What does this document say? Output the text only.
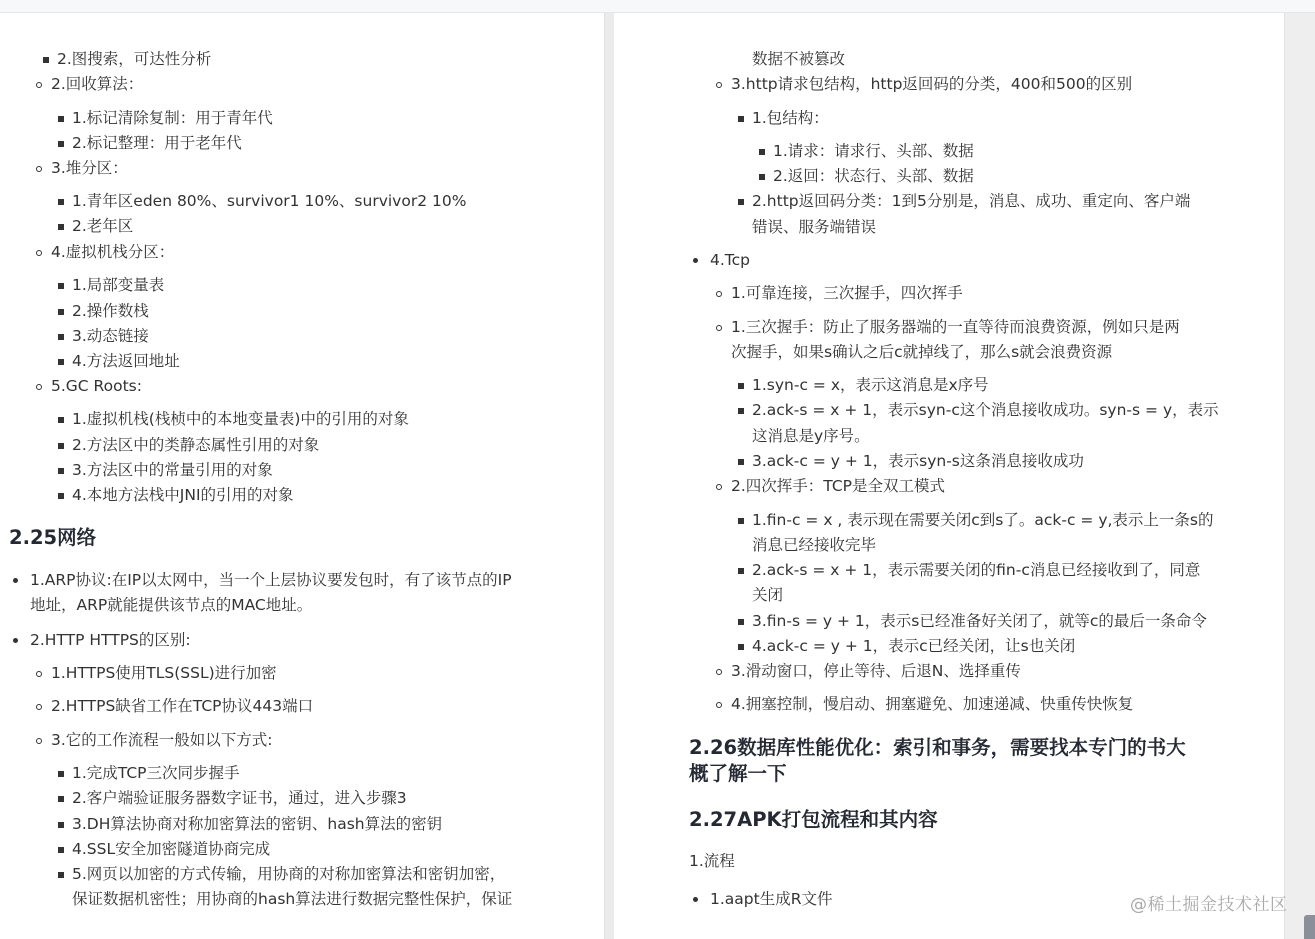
2.图搜索，可达性分析
2.回收算法：
1.标记清除复制：用于青年代
2.标记整理：用于老年代
3.堆分区：
1.青年区eden 80%、survivor1 10%、survivor2 10%
2.老年区
4.虚拟机栈分区：
1.局部变量表
2.操作数栈
3.动态链接
4.方法返回地址
5.GC Roots:
1.虚拟机栈(栈桢中的本地变量表)中的引用的对象
2.方法区中的类静态属性引用的对象
3.方法区中的常量引用的对象
4.本地方法栈中JNI的引用的对象
2.25网络
1.ARP协议:在IP以太网中，当一个上层协议要发包时，有了该节点的IP
地址，ARP就能提供该节点的MAC地址。
2.HTTP HTTPS的区别:
1.HTTPS使用TLS(SSL)进行加密
2.HTTPS缺省工作在TCP协议443端口
3.它的工作流程一般如以下方式:
1.完成TCP三次同步握手
2.客户端验证服务器数字证书，通过，进入步骤3
3.DH算法协商对称加密算法的密钥、hash算法的密钥
4.SSL安全加密隧道协商完成
5.网页以加密的方式传输，用协商的对称加密算法和密钥加密，
保证数据机密性；用协商的hash算法进行数据完整性保护，保证
数据不被篡改
3.http请求包结构，http返回码的分类，400和500的区别
1.包结构：
1.请求：请求行、头部、数据
2.返回：状态行、头部、数据
2.http返回码分类：1到5分别是，消息、成功、重定向、客户端
错误、服务端错误
4.Tcp
1.可靠连接，三次握手，四次挥手
1.三次握手：防止了服务器端的一直等待而浪费资源，例如只是两
次握手，如果s确认之后c就掉线了，那么s就会浪费资源
1.syn-c = x，表示这消息是x序号
2.ack-s = x + 1，表示syn-c这个消息接收成功。syn-s = y，表示
这消息是y序号。
3.ack-c = y + 1，表示syn-s这条消息接收成功
2.四次挥手：TCP是全双工模式
1.fin-c = x , 表示现在需要关闭c到s了。ack-c = y,表示上一条s的
消息已经接收完毕
2.ack-s = x + 1，表示需要关闭的fin-c消息已经接收到了，同意
关闭
3.fin-s = y + 1，表示s已经准备好关闭了，就等c的最后一条命令
4.ack-c = y + 1，表示c已经关闭，让s也关闭
3.滑动窗口，停止等待、后退N、选择重传
4.拥塞控制，慢启动、拥塞避免、加速递减、快重传快恢复
2.26数据库性能优化：索引和事务，需要找本专门的书大
概了解一下
2.27APK打包流程和其内容
1.流程
1.aapt生成R文件	@稀土掘金技术社区
